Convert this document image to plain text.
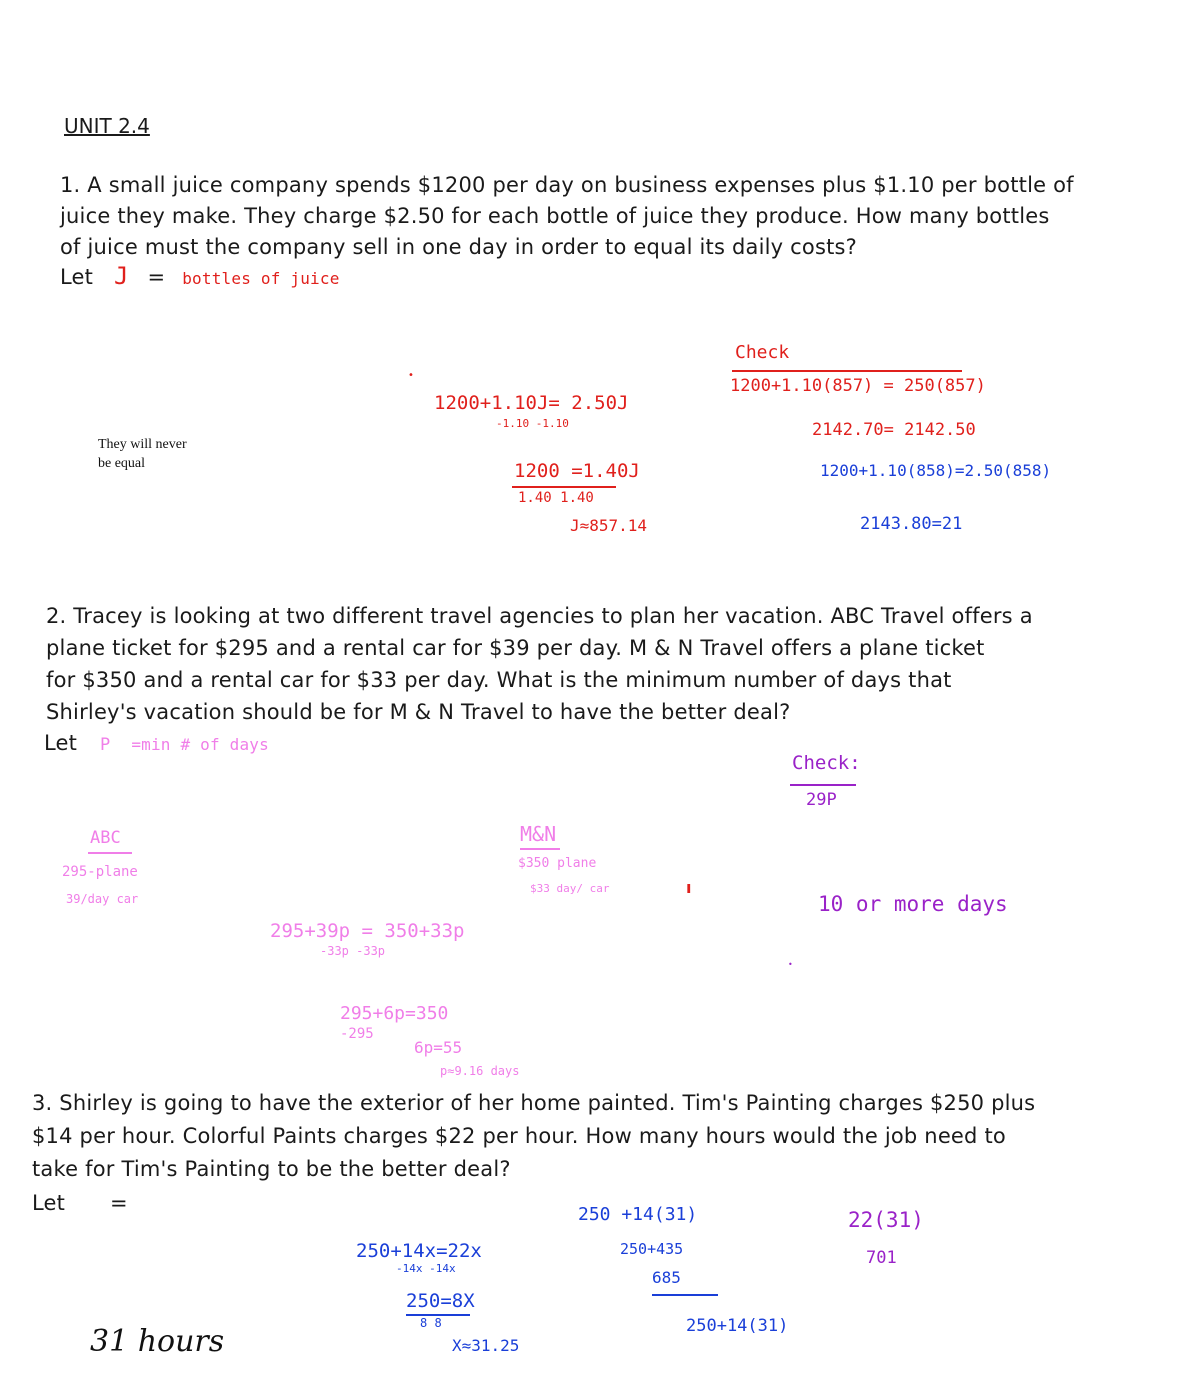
UNIT 2.4
1. A small juice company spends $1200 per day on business expenses plus $1.10 per bottle of
juice they make. They charge $2.50 for each bottle of juice they produce. How many bottles
of juice must the company sell in one day in order to equal its daily costs?
Let J = bottles of juice
They will never
be equal
•
1200+1.10J= 2.50J
-1.10 -1.10
1200 =1.40J
1.40 1.40
J≈857.14
Check
1200+1.10(857) = 250(857)
2142.70= 2142.50
1200+1.10(858)=2.50(858)
2143.80=21
2. Tracey is looking at two different travel agencies to plan her vacation. ABC Travel offers a
plane ticket for $295 and a rental car for $39 per day. M & N Travel offers a plane ticket
for $350 and a rental car for $33 per day. What is the minimum number of days that
Shirley's vacation should be for M & N Travel to have the better deal?
Let P =min # of days
ABC
295-plane
39/day car
M&N
$350 plane
$33 day/ car
295+39p = 350+33p
-33p -33p
295+6p=350
-295
6p=55
p≈9.16 days
ı
Check:
29P
10 or more days
•
3. Shirley is going to have the exterior of her home painted. Tim's Painting charges $250 plus
$14 per hour. Colorful Paints charges $22 per hour. How many hours would the job need to
take for Tim's Painting to be the better deal?
Let =
250+14x=22x
-14x -14x
250=8X
8 8
X≈31.25
250 +14(31)
250+435
685
250+14(31)
22(31)
701
31 hours
